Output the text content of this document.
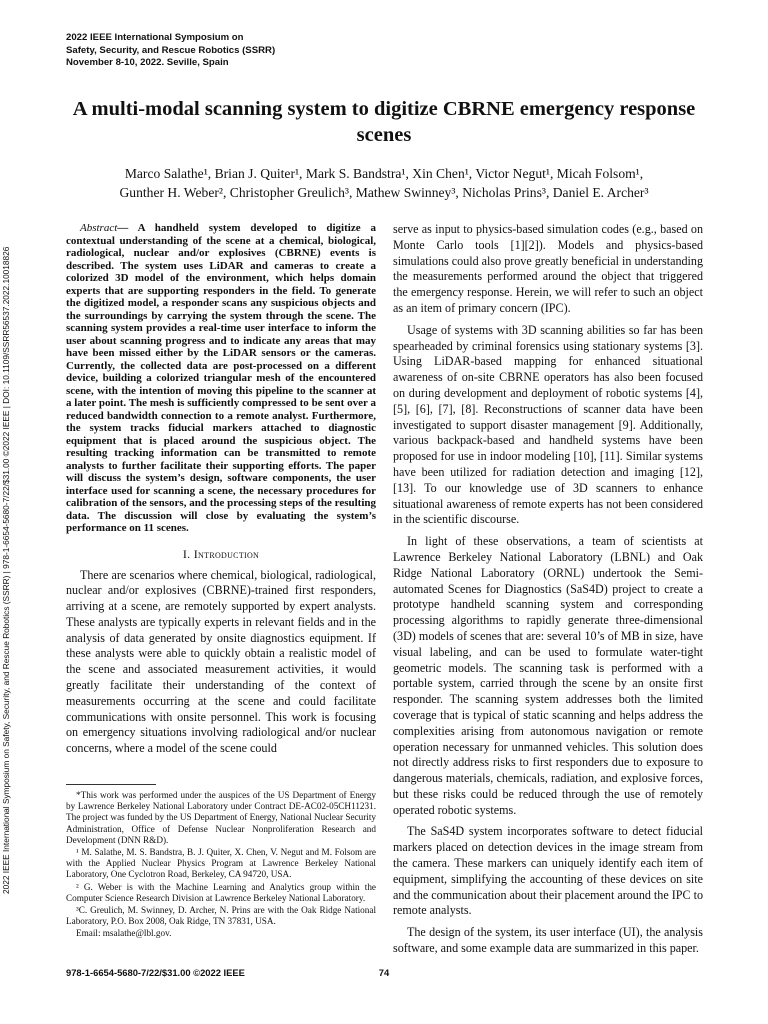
2022 IEEE International Symposium on
Safety, Security, and Rescue Robotics (SSRR)
November 8-10, 2022. Seville, Spain
A multi-modal scanning system to digitize CBRNE emergency response scenes
Marco Salathe¹, Brian J. Quiter¹, Mark S. Bandstra¹, Xin Chen¹, Victor Negut¹, Micah Folsom¹,
Gunther H. Weber², Christopher Greulich³, Mathew Swinney³, Nicholas Prins³, Daniel E. Archer³
2022 IEEE International Symposium on Safety, Security, and Rescue Robotics (SSRR) | 978-1-6654-5680-7/22/$31.00 ©2022 IEEE | DOI: 10.1109/SSRR56537.2022.10018826

Abstract— A handheld system developed to digitize a contextual understanding of the scene at a chemical, biological, radiological, nuclear and/or explosives (CBRNE) events is described. The system uses LiDAR and cameras to create a colorized 3D model of the environment, which helps domain experts that are supporting responders in the field. To generate the digitized model, a responder scans any suspicious objects and the surroundings by carrying the system through the scene. The scanning system provides a real-time user interface to inform the user about scanning progress and to indicate any areas that may have been missed either by the LiDAR sensors or the cameras. Currently, the collected data are post-processed on a different device, building a colorized triangular mesh of the encountered scene, with the intention of moving this pipeline to the scanner at a later point. The mesh is sufficiently compressed to be sent over a reduced bandwidth connection to a remote analyst. Furthermore, the system tracks fiducial markers attached to diagnostic equipment that is placed around the suspicious object. The resulting tracking information can be transmitted to remote analysts to further facilitate their supporting efforts. The paper will discuss the system’s design, software components, the user interface used for scanning a scene, the necessary procedures for calibration of the sensors, and the processing steps of the resulting data. The discussion will close by evaluating the system’s performance on 11 scenes.

I. Introduction

There are scenarios where chemical, biological, radiological, nuclear and/or explosives (CBRNE)-trained first responders, arriving at a scene, are remotely supported by expert analysts. These analysts are typically experts in relevant fields and in the analysis of data generated by onsite diagnostics equipment. If these analysts were able to quickly obtain a realistic model of the scene and associated measurement activities, it would greatly facilitate their understanding of the context of measurements occurring at the scene and could facilitate communications with onsite personnel. This work is focusing on emergency situations involving radiological and/or nuclear concerns, where a model of the scene could

*This work was performed under the auspices of the US Department of Energy by Lawrence Berkeley National Laboratory under Contract DE-AC02-05CH11231. The project was funded by the US Department of Energy, National Nuclear Security Administration, Office of Defense Nuclear Nonproliferation Research and Development (DNN R&D).

¹ M. Salathe, M. S. Bandstra, B. J. Quiter, X. Chen, V. Negut and M. Folsom are with the Applied Nuclear Physics Program at Lawrence Berkeley National Laboratory, One Cyclotron Road, Berkeley, CA 94720, USA.

² G. Weber is with the Machine Learning and Analytics group within the Computer Science Research Division at Lawrence Berkeley National Laboratory.

³C. Greulich, M. Swinney, D. Archer, N. Prins are with the Oak Ridge National Laboratory, P.O. Box 2008, Oak Ridge, TN 37831, USA.

Email: msalathe@lbl.gov.

serve as input to physics-based simulation codes (e.g., based on Monte Carlo tools [1][2]). Models and physics-based simulations could also prove greatly beneficial in understanding the measurements performed around the object that triggered the emergency response. Herein, we will refer to such an object as an item of primary concern (IPC).

Usage of systems with 3D scanning abilities so far has been spearheaded by criminal forensics using stationary systems [3]. Using LiDAR-based mapping for enhanced situational awareness of on-site CBRNE operators has also been focused on during development and deployment of robotic systems [4], [5], [6], [7], [8]. Reconstructions of scanner data have been investigated to support disaster management [9]. Additionally, various backpack-based and handheld systems have been proposed for use in indoor modeling [10], [11]. Similar systems have been utilized for radiation detection and imaging [12], [13]. To our knowledge use of 3D scanners to enhance situational awareness of remote experts has not been considered in the scientific discourse.

In light of these observations, a team of scientists at Lawrence Berkeley National Laboratory (LBNL) and Oak Ridge National Laboratory (ORNL) undertook the Semi-automated Scenes for Diagnostics (SaS4D) project to create a prototype handheld scanning system and corresponding processing algorithms to rapidly generate three-dimensional (3D) models of scenes that are: several 10’s of MB in size, have visual labeling, and can be used to formulate water-tight geometric models. The scanning task is performed with a portable system, carried through the scene by an onsite first responder. The scanning system addresses both the limited coverage that is typical of static scanning and helps address the complexities arising from autonomous navigation or remote operation necessary for unmanned vehicles. This solution does not directly address risks to first responders due to exposure to dangerous materials, chemicals, radiation, and explosive forces, but these risks could be reduced through the use of remotely operated robotic systems.

The SaS4D system incorporates software to detect fiducial markers placed on detection devices in the image stream from the camera. These markers can uniquely identify each item of equipment, simplifying the accounting of these devices on site and the communication about their placement around the IPC to remote analysts.

The design of the system, its user interface (UI), the analysis software, and some example data are summarized in this paper.

978-1-6654-5680-7/22/$31.00 ©2022 IEEE	74
